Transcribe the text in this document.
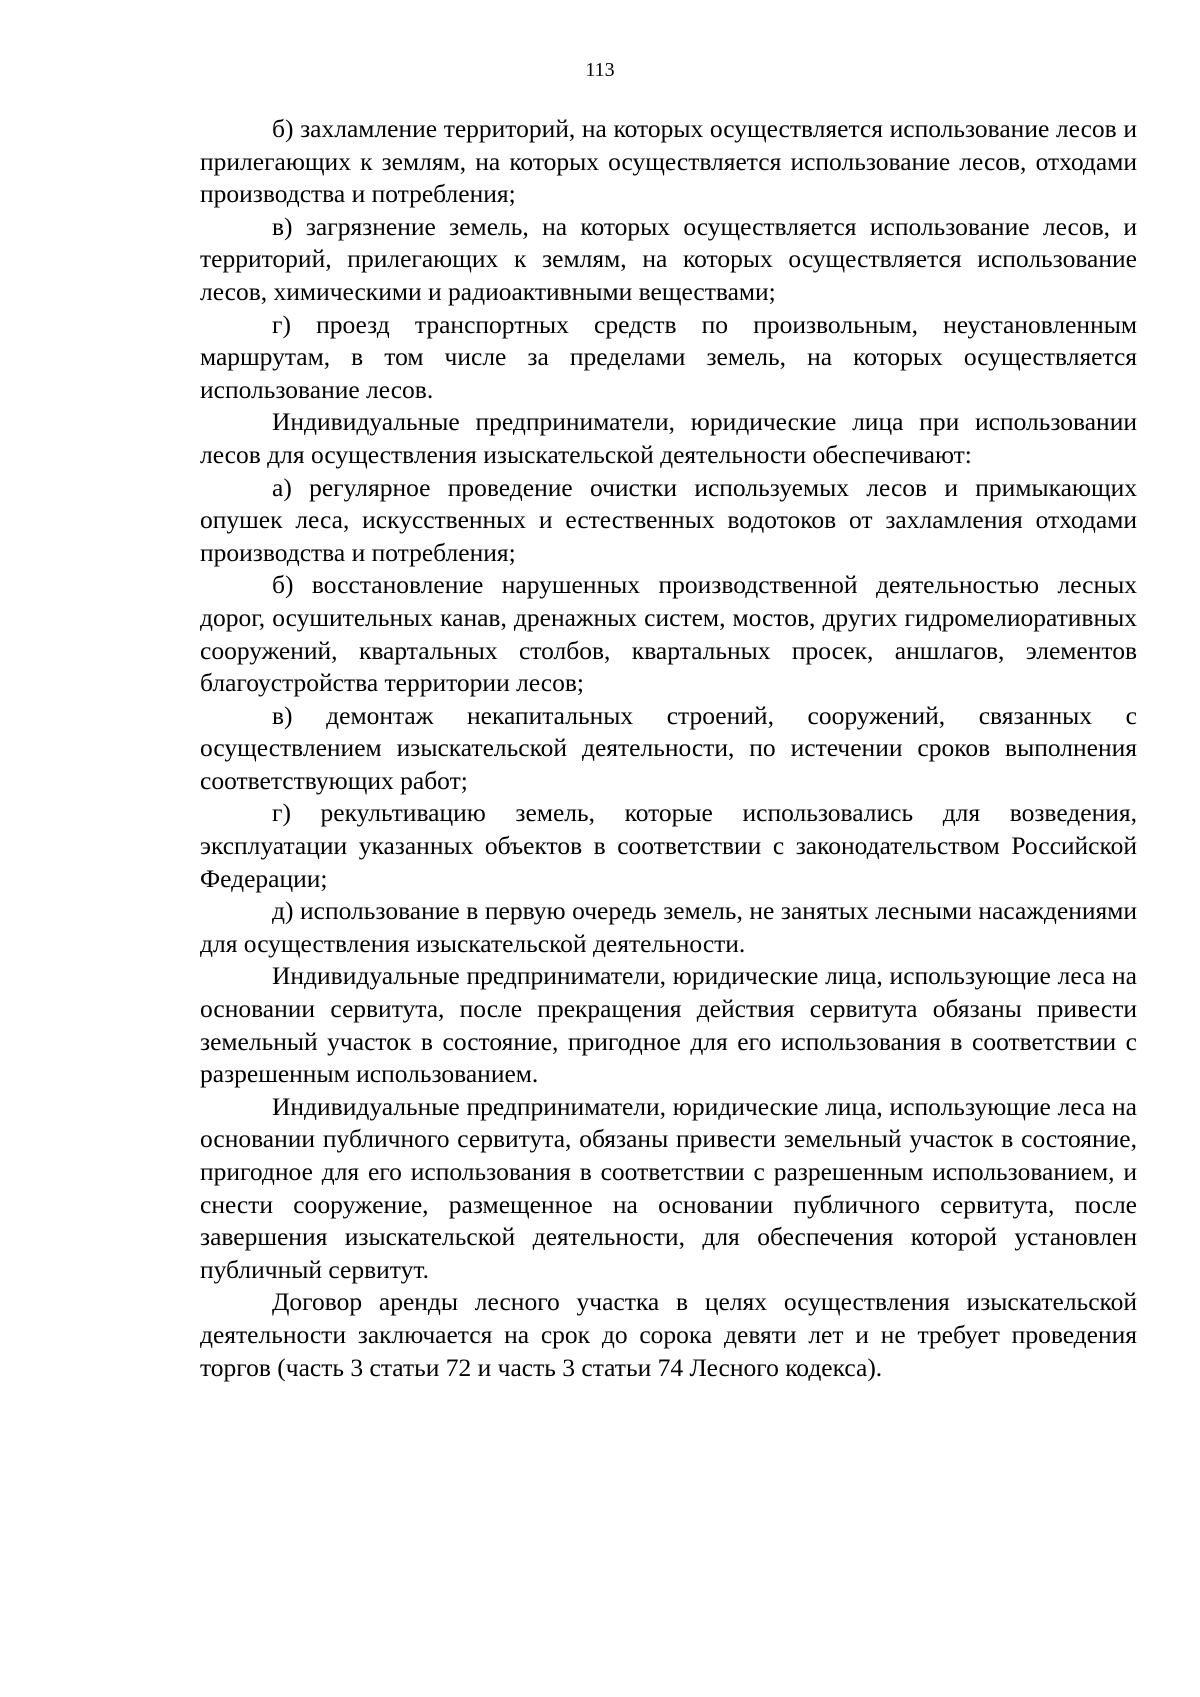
113

б) захламление территорий, на которых осуществляется использование лесов и прилегающих к землям, на которых осуществляется использование лесов, отходами производства и потребления;

в) загрязнение земель, на которых осуществляется использование лесов, и территорий, прилегающих к землям, на которых осуществляется использование лесов, химическими и радиоактивными веществами;

г) проезд транспортных средств по произвольным, неустановленным маршрутам, в том числе за пределами земель, на которых осуществляется использование лесов.

Индивидуальные предприниматели, юридические лица при использовании лесов для осуществления изыскательской деятельности обеспечивают:

а) регулярное проведение очистки используемых лесов и примыкающих опушек леса, искусственных и естественных водотоков от захламления отходами производства и потребления;

б) восстановление нарушенных производственной деятельностью лесных дорог, осушительных канав, дренажных систем, мостов, других гидромелиоративных сооружений, квартальных столбов, квартальных просек, аншлагов, элементов благоустройства территории лесов;

в) демонтаж некапитальных строений, сооружений, связанных с осуществлением изыскательской деятельности, по истечении сроков выполнения соответствующих работ;

г) рекультивацию земель, которые использовались для возведения, эксплуатации указанных объектов в соответствии с законодательством Российской Федерации;

д) использование в первую очередь земель, не занятых лесными насаждениями для осуществления изыскательской деятельности.

Индивидуальные предприниматели, юридические лица, использующие леса на основании сервитута, после прекращения действия сервитута обязаны привести земельный участок в состояние, пригодное для его использования в соответствии с разрешенным использованием.

Индивидуальные предприниматели, юридические лица, использующие леса на основании публичного сервитута, обязаны привести земельный участок в состояние, пригодное для его использования в соответствии с разрешенным использованием, и снести сооружение, размещенное на основании публичного сервитута, после завершения изыскательской деятельности, для обеспечения которой установлен публичный сервитут.

Договор аренды лесного участка в целях осуществления изыскательской деятельности заключается на срок до сорока девяти лет и не требует проведения торгов (часть 3 статьи 72 и часть 3 статьи 74 Лесного кодекса).
